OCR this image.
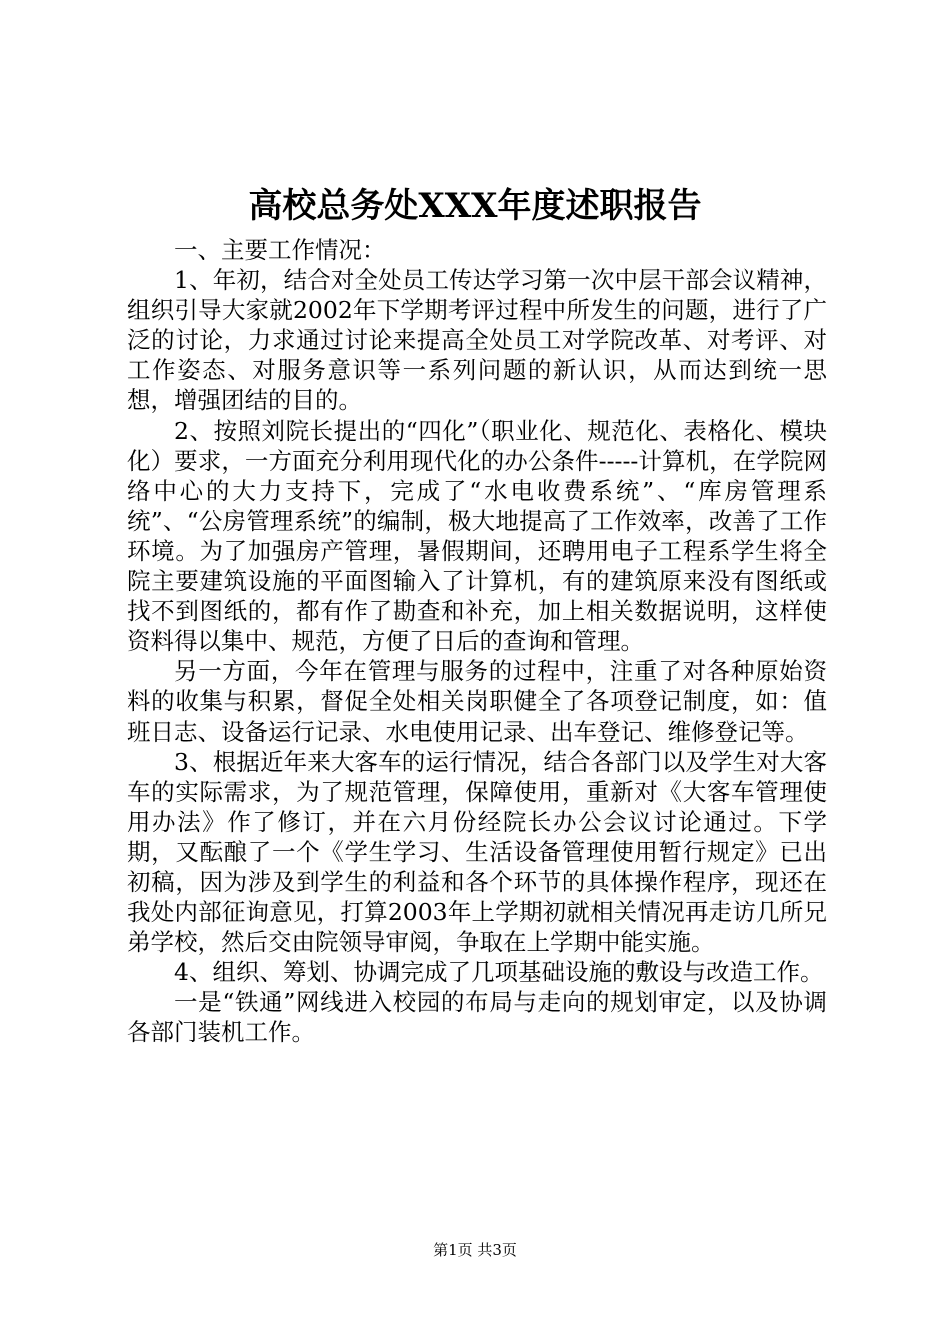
高校总务处XXX年度述职报告

一、主要工作情况：

1、年初，结合对全处员工传达学习第一次中层干部会议精神，组织引导大家就2002年下学期考评过程中所发生的问题，进行了广泛的讨论，力求通过讨论来提高全处员工对学院改革、对考评、对工作姿态、对服务意识等一系列问题的新认识，从而达到统一思想，增强团结的目的。

2、按照刘院长提出的“四化”（职业化、规范化、表格化、模块化）要求，一方面充分利用现代化的办公条件-----计算机，在学院网络中心的大力支持下，完成了“水电收费系统”、“库房管理系统”、“公房管理系统”的编制，极大地提高了工作效率，改善了工作环境。为了加强房产管理，暑假期间，还聘用电子工程系学生将全院主要建筑设施的平面图输入了计算机，有的建筑原来没有图纸或找不到图纸的，都有作了勘查和补充，加上相关数据说明，这样使资料得以集中、规范，方便了日后的查询和管理。

另一方面，今年在管理与服务的过程中，注重了对各种原始资料的收集与积累，督促全处相关岗职健全了各项登记制度，如：值班日志、设备运行记录、水电使用记录、出车登记、维修登记等。

3、根据近年来大客车的运行情况，结合各部门以及学生对大客车的实际需求，为了规范管理，保障使用，重新对《大客车管理使用办法》作了修订，并在六月份经院长办公会议讨论通过。下学期，又酝酿了一个《学生学习、生活设备管理使用暂行规定》已出初稿，因为涉及到学生的利益和各个环节的具体操作程序，现还在我处内部征询意见，打算2003年上学期初就相关情况再走访几所兄弟学校，然后交由院领导审阅，争取在上学期中能实施。

4、组织、筹划、协调完成了几项基础设施的敷设与改造工作。

一是“铁通”网线进入校园的布局与走向的规划审定，以及协调各部门装机工作。

第1页 共3页
